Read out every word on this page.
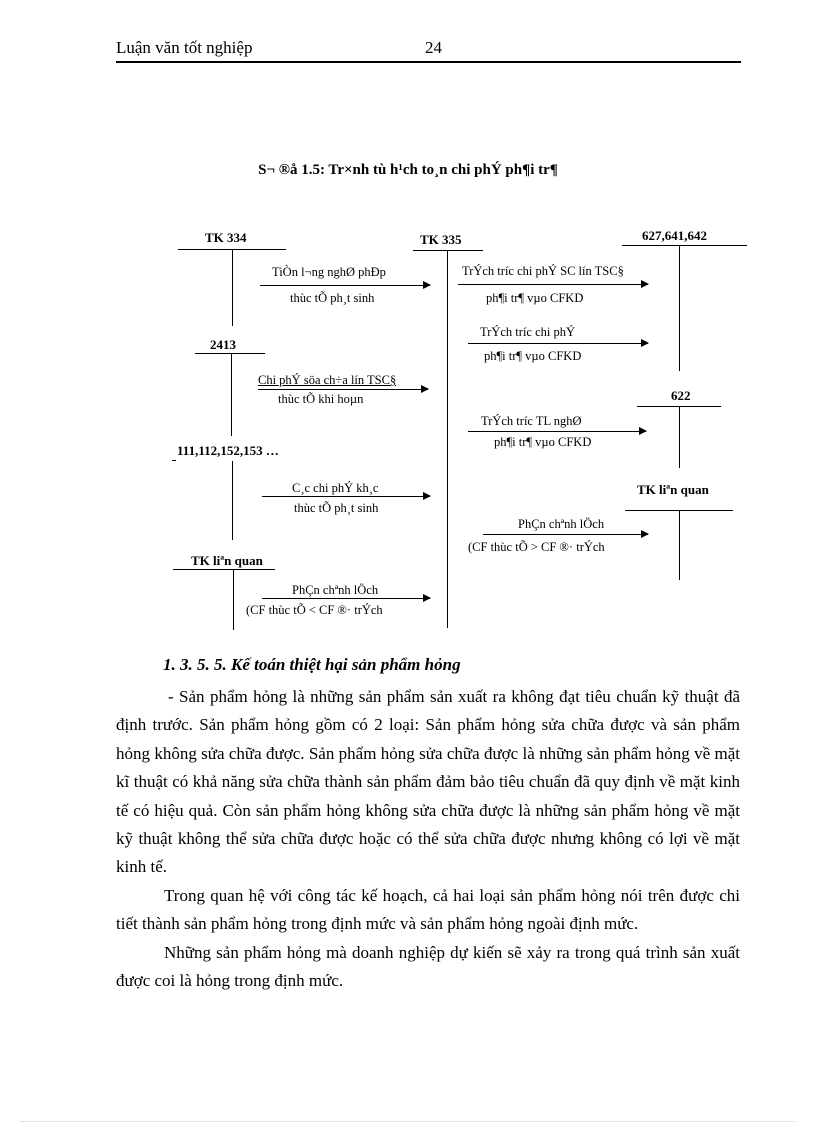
Luận văn tốt nghiệp	24
S¬ ®å 1.5: Tr×nh tù h¹ch to¸n chi phÝ ph¶i tr¶
TK 334	TK 335	627,641,642
2413
111,112,152,153 …
622
TK liªn quan
TK liªn quan
TiÒn l¬ng nghØ phÐp
thùc tÕ ph¸t sinh
Chi phÝ söa ch÷a lín TSC§
thùc tÕ khi hoµn
C¸c chi phÝ kh¸c
thùc tÕ ph¸t sinh
PhÇn chªnh lÖch
(CF thùc tÕ < CF ®· trÝch
TrÝch tríc chi phÝ SC lín TSC§
ph¶i tr¶ vµo CFKD
TrÝch tríc chi phÝ
ph¶i tr¶ vµo CFKD
TrÝch tríc TL nghØ
ph¶i tr¶ vµo CFKD
PhÇn chªnh lÖch
(CF thùc tÕ > CF ®· trÝch
1. 3. 5. 5. Kế toán thiệt hại sản phẩm hỏng

- Sản phẩm hỏng là những sản phẩm sản xuất ra không đạt tiêu chuẩn kỹ thuật đã định trước. Sản phẩm hỏng gồm có 2 loại: Sản phẩm hỏng sửa chữa được và sản phẩm hỏng không sửa chữa được. Sản phẩm hỏng sửa chữa được là những sản phẩm hỏng về mặt kĩ thuật có khả năng sửa chữa thành sản phẩm đảm bảo tiêu chuẩn đã quy định về mặt kinh tế có hiệu quả. Còn sản phẩm hỏng không sửa chữa được là những sản phẩm hỏng về mặt kỹ thuật không thể sửa chữa được hoặc có thể sửa chữa được nhưng không có lợi về mặt kinh tế.

Trong quan hệ với công tác kế hoạch, cả hai loại sản phẩm hỏng nói trên được chi tiết thành sản phẩm hỏng trong định mức và sản phẩm hỏng ngoài định mức.

Những sản phẩm hỏng mà doanh nghiệp dự kiến sẽ xảy ra trong quá trình sản xuất được coi là hỏng trong định mức.
